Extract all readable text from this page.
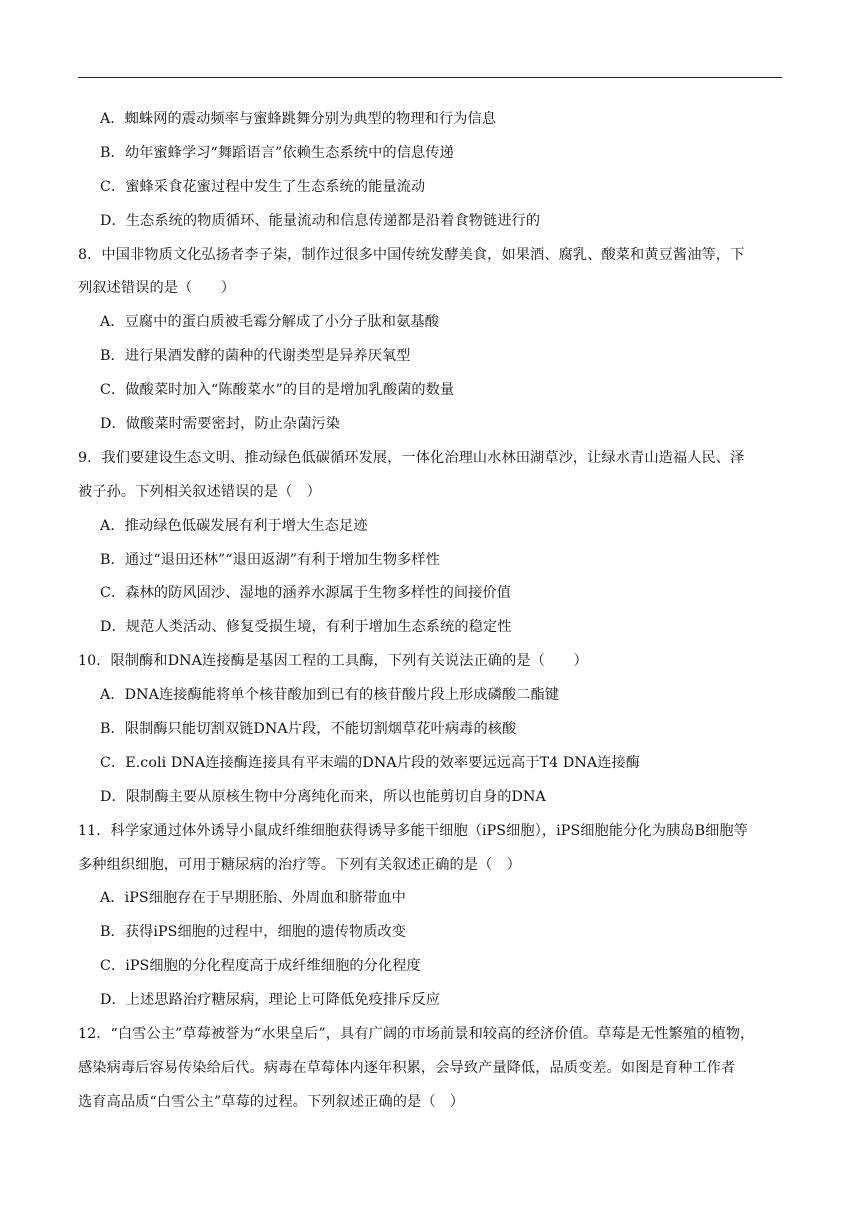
A．蜘蛛网的震动频率与蜜蜂跳舞分别为典型的物理和行为信息
B．幼年蜜蜂学习“舞蹈语言”依赖生态系统中的信息传递
C．蜜蜂采食花蜜过程中发生了生态系统的能量流动
D．生态系统的物质循环、能量流动和信息传递都是沿着食物链进行的
8．中国非物质文化弘扬者李子柒，制作过很多中国传统发酵美食，如果酒、腐乳、酸菜和黄豆酱油等，下
列叙述错误的是（　　）
A．豆腐中的蛋白质被毛霉分解成了小分子肽和氨基酸
B．进行果酒发酵的菌种的代谢类型是异养厌氧型
C．做酸菜时加入“陈酸菜水”的目的是增加乳酸菌的数量
D．做酸菜时需要密封，防止杂菌污染
9．我们要建设生态文明、推动绿色低碳循环发展，一体化治理山水林田湖草沙，让绿水青山造福人民、泽
被子孙。下列相关叙述错误的是（　）
A．推动绿色低碳发展有利于增大生态足迹
B．通过“退田还林”“退田返湖”有利于增加生物多样性
C．森林的防风固沙、湿地的涵养水源属于生物多样性的间接价值
D．规范人类活动、修复受损生境，有利于增加生态系统的稳定性
10．限制酶和DNA连接酶是基因工程的工具酶，下列有关说法正确的是（　　）
A．DNA连接酶能将单个核苷酸加到已有的核苷酸片段上形成磷酸二酯键
B．限制酶只能切割双链DNA片段，不能切割烟草花叶病毒的核酸
C．E.coli DNA连接酶连接具有平末端的DNA片段的效率要远远高于T4 DNA连接酶
D．限制酶主要从原核生物中分离纯化而来，所以也能剪切自身的DNA
11．科学家通过体外诱导小鼠成纤维细胞获得诱导多能干细胞（iPS细胞），iPS细胞能分化为胰岛B细胞等
多种组织细胞，可用于糖尿病的治疗等。下列有关叙述正确的是（　）
A．iPS细胞存在于早期胚胎、外周血和脐带血中
B．获得iPS细胞的过程中，细胞的遗传物质改变
C．iPS细胞的分化程度高于成纤维细胞的分化程度
D．上述思路治疗糖尿病，理论上可降低免疫排斥反应
12．“白雪公主”草莓被誉为“水果皇后”，具有广阔的市场前景和较高的经济价值。草莓是无性繁殖的植物，
感染病毒后容易传染给后代。病毒在草莓体内逐年积累，会导致产量降低，品质变差。如图是育种工作者
选育高品质“白雪公主”草莓的过程。下列叙述正确的是（　）
